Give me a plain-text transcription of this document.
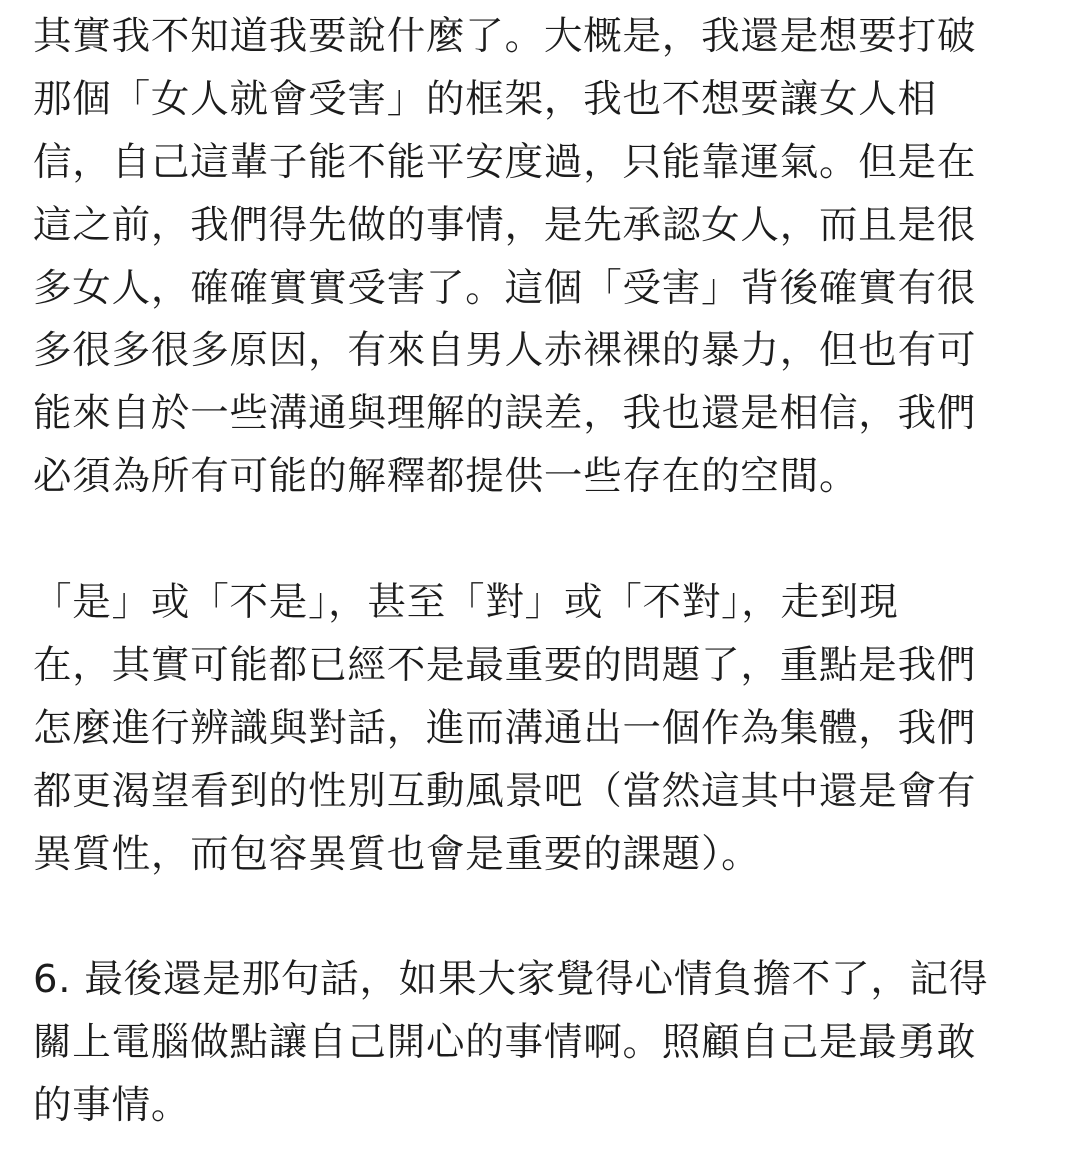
其實我不知道我要說什麼了。大概是，我還是想要打破
那個「女人就會受害」的框架，我也不想要讓女人相
信，自己這輩子能不能平安度過，只能靠運氣。但是在
這之前，我們得先做的事情，是先承認女人，而且是很
多女人，確確實實受害了。這個「受害」背後確實有很
多很多很多原因，有來自男人赤裸裸的暴力，但也有可
能來自於一些溝通與理解的誤差，我也還是相信，我們
必須為所有可能的解釋都提供一些存在的空間。
「是」或「不是」，甚至「對」或「不對」，走到現
在，其實可能都已經不是最重要的問題了，重點是我們
怎麼進行辨識與對話，進而溝通出一個作為集體，我們
都更渴望看到的性別互動風景吧（當然這其中還是會有
異質性，而包容異質也會是重要的課題）。
6. 最後還是那句話，如果大家覺得心情負擔不了，記得
關上電腦做點讓自己開心的事情啊。照顧自己是最勇敢
的事情。
